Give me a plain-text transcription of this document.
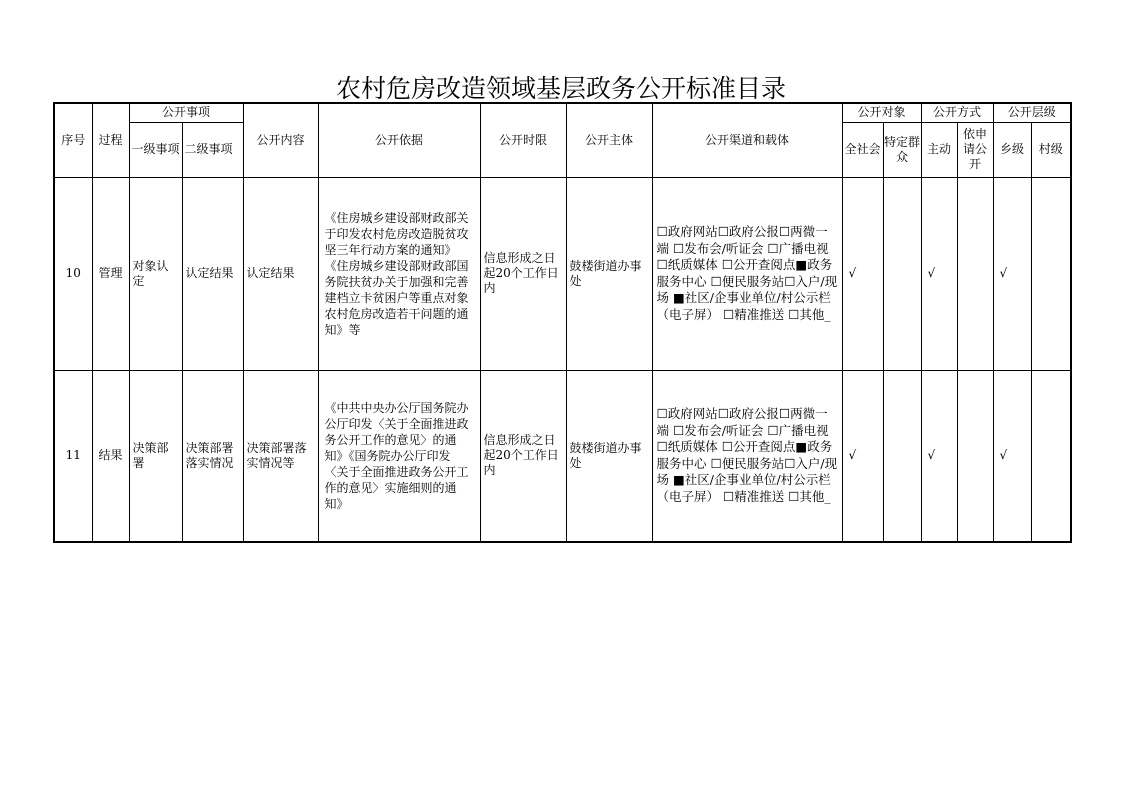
农村危房改造领域基层政务公开标准目录
序号	过程	公开事项		公开内容	公开依据	公开时限	公开主体	公开渠道和载体	公开对象		公开方式		公开层级	
		一级事项	二级事项						全社会	特定群众	主动	依申请公开	乡级	村级
10	管理	对象认定	认定结果	认定结果	《住房城乡建设部财政部关于印发农村危房改造脱贫攻坚三年行动方案的通知》《住房城乡建设部财政部国务院扶贫办关于加强和完善建档立卡贫困户等重点对象农村危房改造若干问题的通知》等	信息形成之日起20个工作日内	鼓楼街道办事处	☐政府网站☐政府公报☐两微一端 ☐发布会/听证会 ☐广播电视☐纸质媒体 ☐公开查阅点■政务服务中心 ☐便民服务站☐入户/现场 ■社区/企事业单位/村公示栏（电子屏） ☐精准推送 ☐其他_	√		√		√	
11	结果	决策部署	决策部署落实情况	决策部署落实情况等	《中共中央办公厅国务院办公厅印发〈关于全面推进政务公开工作的意见〉的通知》《国务院办公厅印发〈关于全面推进政务公开工作的意见〉实施细则的通知》	信息形成之日起20个工作日内	鼓楼街道办事处	☐政府网站☐政府公报☐两微一端 ☐发布会/听证会 ☐广播电视☐纸质媒体 ☐公开查阅点■政务服务中心 ☐便民服务站☐入户/现场 ■社区/企事业单位/村公示栏（电子屏） ☐精准推送 ☐其他_	√		√		√	
